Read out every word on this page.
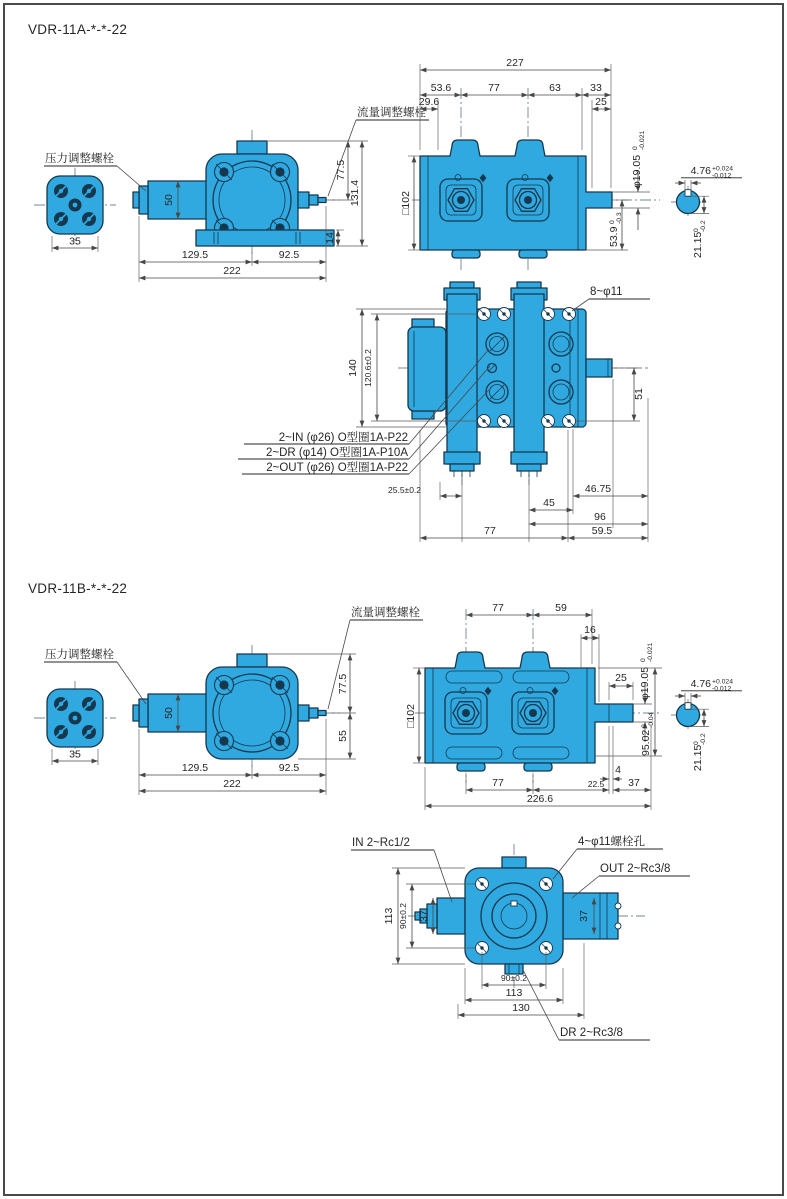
VDR-11A-*-*-22
35
50
压力调整螺栓
流量调整螺栓
129.5	92.5
222
77.5
131.4
14
227
53.6	77	63	33
29.6	25
□102
φ19.05
0 -0.021
53.9
0 -0.3
4.76 +0.024
-0.012
21.15
0 -0.2
140 120.6±0.2
51
8~φ11
2~IN (φ26) O型圈1A-P22
2~DR (φ14) O型圈1A-P10A
2~OUT (φ26) O型圈1A-P22
25.5±0.2	46.75
45
96
77	59.5
VDR-11B-*-*-22
35
50
压力调整螺栓
流量调整螺栓
129.5	92.5
222
77.5
55
77	59
16
□102
25 φ19.05
0 -0.021
95.02
0 -0.04
77	22.5
4
37
226.6
4.76 +0.024
-0.012
21.15
0 -0.2
37
113 90±0.2 37
90±0.2
113
130
IN 2~Rc1/2	4~φ11螺栓孔
OUT 2~Rc3/8
DR 2~Rc3/8
